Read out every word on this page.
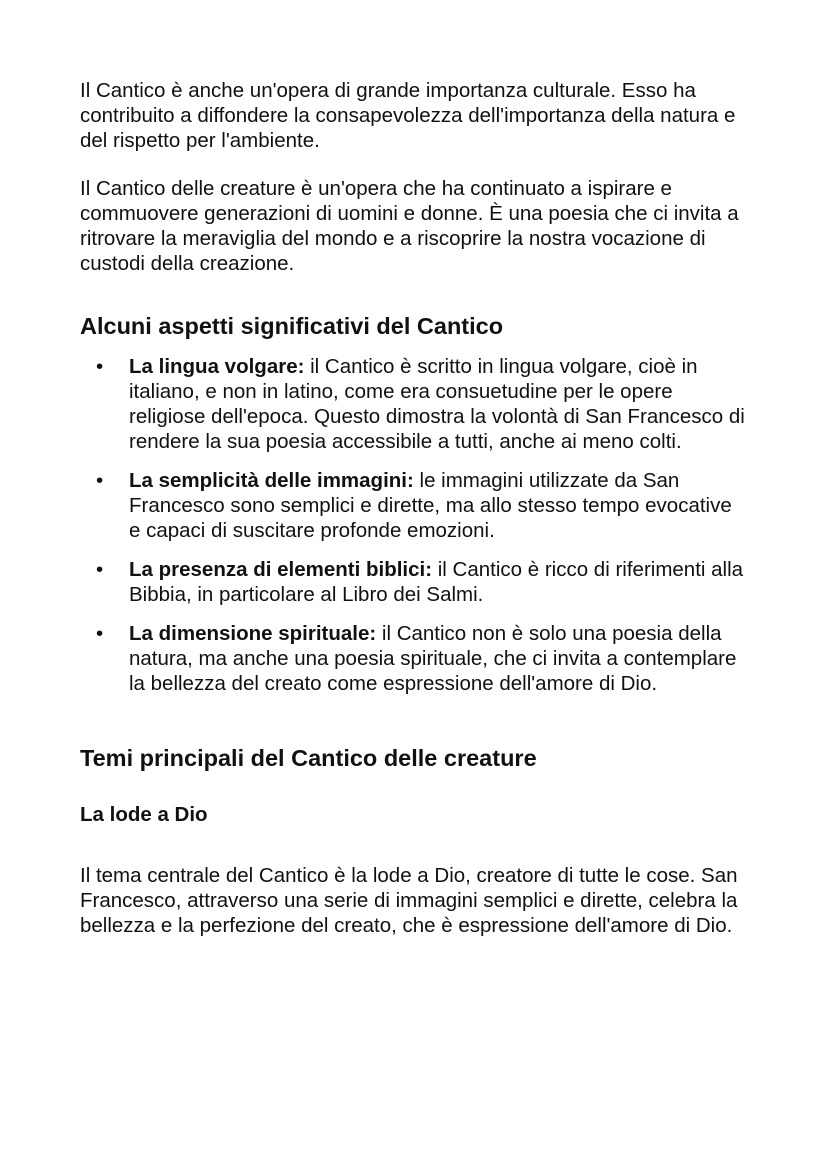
Il Cantico è anche un'opera di grande importanza culturale. Esso ha contribuito a diffondere la consapevolezza dell'importanza della natura e del rispetto per l'ambiente.

Il Cantico delle creature è un'opera che ha continuato a ispirare e commuovere generazioni di uomini e donne. È una poesia che ci invita a ritrovare la meraviglia del mondo e a riscoprire la nostra vocazione di custodi della creazione.

Alcuni aspetti significativi del Cantico
• La lingua volgare: il Cantico è scritto in lingua volgare, cioè in italiano, e non in latino, come era consuetudine per le opere religiose dell'epoca. Questo dimostra la volontà di San Francesco di rendere la sua poesia accessibile a tutti, anche ai meno colti.
• La semplicità delle immagini: le immagini utilizzate da San Francesco sono semplici e dirette, ma allo stesso tempo evocative e capaci di suscitare profonde emozioni.
• La presenza di elementi biblici: il Cantico è ricco di riferimenti alla Bibbia, in particolare al Libro dei Salmi.
• La dimensione spirituale: il Cantico non è solo una poesia della natura, ma anche una poesia spirituale, che ci invita a contemplare la bellezza del creato come espressione dell'amore di Dio.
Temi principali del Cantico delle creature
La lode a Dio

Il tema centrale del Cantico è la lode a Dio, creatore di tutte le cose. San Francesco, attraverso una serie di immagini semplici e dirette, celebra la bellezza e la perfezione del creato, che è espressione dell'amore di Dio.
